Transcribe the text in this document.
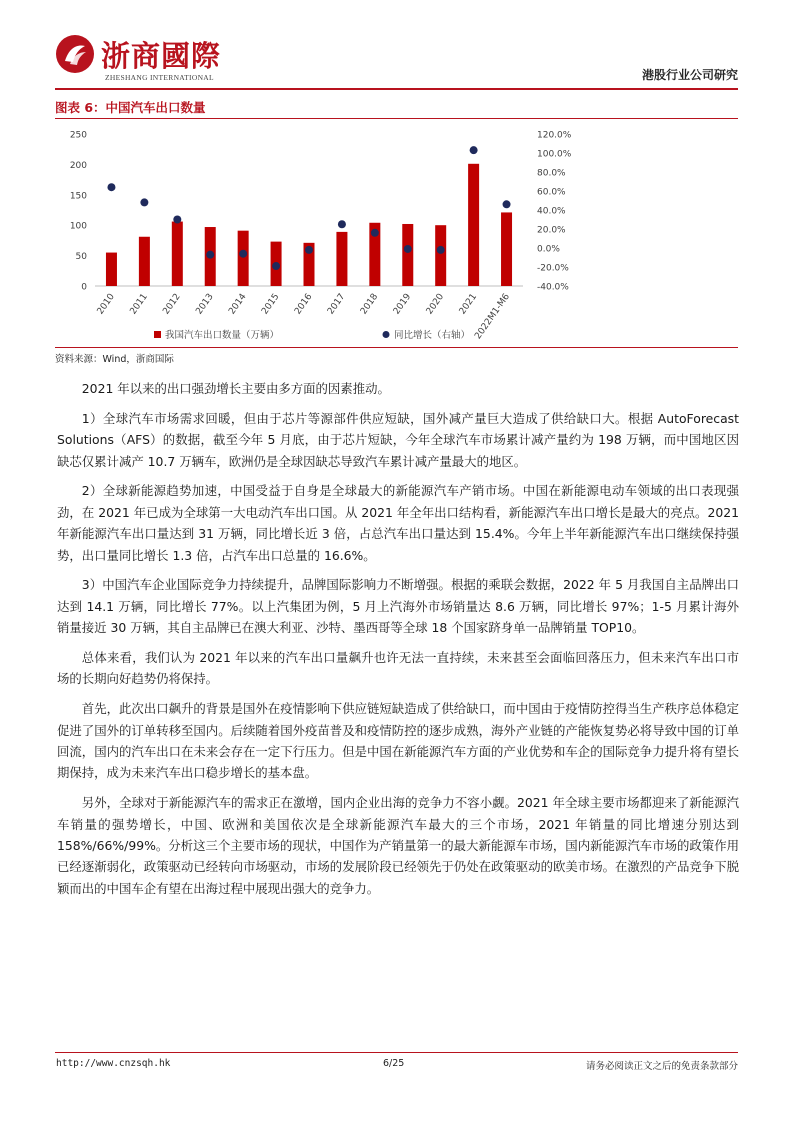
浙商國際
ZHESHANG INTERNATIONAL	港股行业公司研究
图表 6：中国汽车出口数量
0
50
100
150
200
250
-40.0%
-20.0%
0.0%
20.0%
40.0%
60.0%
80.0%
100.0%
120.0%
2010 2011 2012 2013 2014 2015 2016 2017 2018 2019 2020 2021
2022M1-M6
我国汽车出口数量（万辆）	同比增长（右轴）
资料来源：Wind，浙商国际

2021 年以来的出口强劲增长主要由多方面的因素推动。

1）全球汽车市场需求回暖，但由于芯片等源部件供应短缺，国外减产量巨大造成了供给缺口大。根据 AutoForecast Solutions（AFS）的数据，截至今年 5 月底，由于芯片短缺，今年全球汽车市场累计减产量约为 198 万辆，而中国地区因缺芯仅累计减产 10.7 万辆车，欧洲仍是全球因缺芯导致汽车累计减产量最大的地区。

2）全球新能源趋势加速，中国受益于自身是全球最大的新能源汽车产销市场。中国在新能源电动车领域的出口表现强劲，在 2021 年已成为全球第一大电动汽车出口国。从 2021 年全年出口结构看，新能源汽车出口增长是最大的亮点。2021 年新能源汽车出口量达到 31 万辆，同比增长近 3 倍，占总汽车出口量达到 15.4%。今年上半年新能源汽车出口继续保持强势，出口量同比增长 1.3 倍，占汽车出口总量的 16.6%。

3）中国汽车企业国际竞争力持续提升，品牌国际影响力不断增强。根据的乘联会数据，2022 年 5 月我国自主品牌出口达到 14.1 万辆，同比增长 77%。以上汽集团为例，5 月上汽海外市场销量达 8.6 万辆，同比增长 97%；1-5 月累计海外销量接近 30 万辆，其自主品牌已在澳大利亚、沙特、墨西哥等全球 18 个国家跻身单一品牌销量 TOP10。

总体来看，我们认为 2021 年以来的汽车出口量飙升也许无法一直持续，未来甚至会面临回落压力，但未来汽车出口市场的长期向好趋势仍将保持。

首先，此次出口飙升的背景是国外在疫情影响下供应链短缺造成了供给缺口，而中国由于疫情防控得当生产秩序总体稳定促进了国外的订单转移至国内。后续随着国外疫苗普及和疫情防控的逐步成熟，海外产业链的产能恢复势必将导致中国的订单回流，国内的汽车出口在未来会存在一定下行压力。但是中国在新能源汽车方面的产业优势和车企的国际竞争力提升将有望长期保持，成为未来汽车出口稳步增长的基本盘。

另外，全球对于新能源汽车的需求正在激增，国内企业出海的竞争力不容小觑。2021 年全球主要市场都迎来了新能源汽车销量的强势增长，中国、欧洲和美国依次是全球新能源汽车最大的三个市场，2021 年销量的同比增速分别达到 158%/66%/99%。分析这三个主要市场的现状，中国作为产销量第一的最大新能源车市场，国内新能源汽车市场的政策作用已经逐渐弱化，政策驱动已经转向市场驱动，市场的发展阶段已经领先于仍处在政策驱动的欧美市场。在激烈的产品竞争下脱颖而出的中国车企有望在出海过程中展现出强大的竞争力。

http://www.cnzsqh.hk	6/25	请务必阅读正文之后的免责条款部分
